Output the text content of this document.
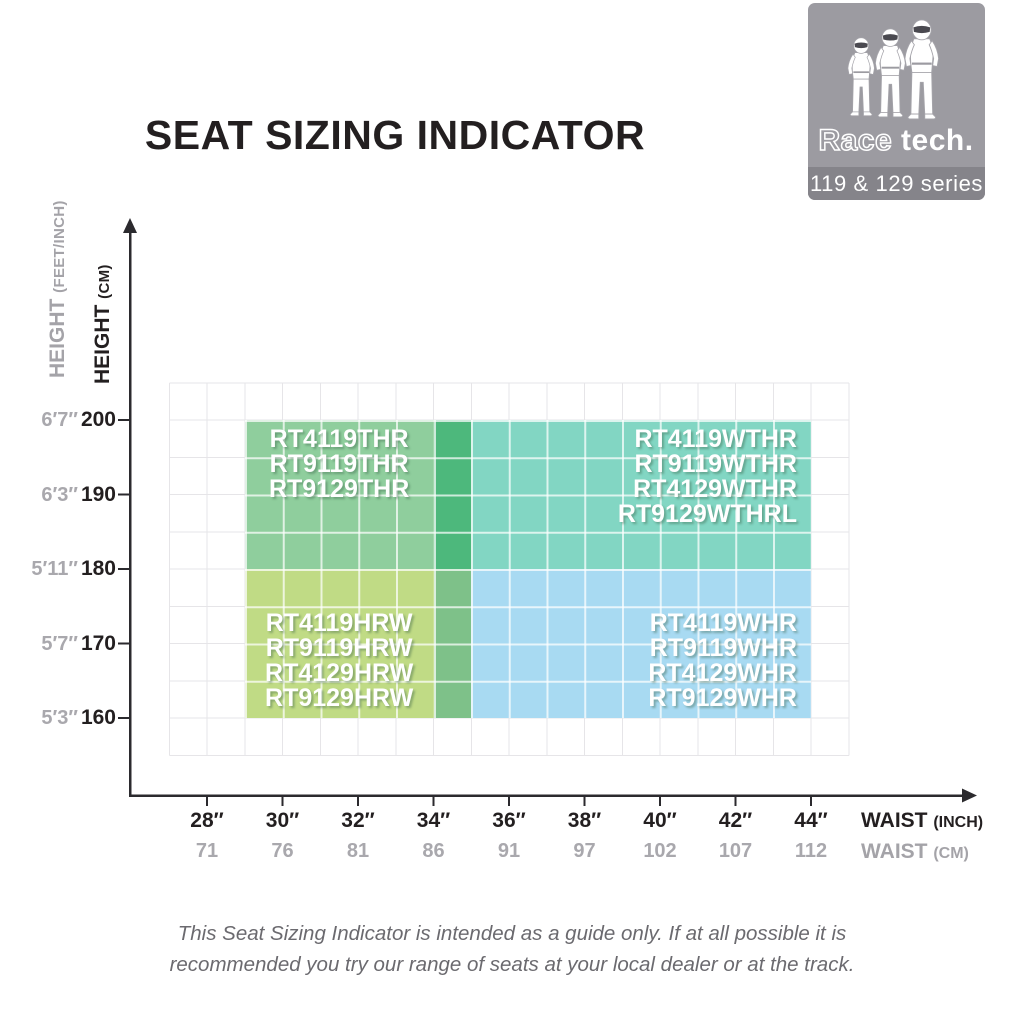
RT4119THR
RT9119THR
RT9129THR
RT4119WTHR
RT9119WTHR
RT4129WTHR
RT9129WTHRL
RT4119HRW
RT9119HRW
RT4129HRW
RT9129HRW
RT4119WHR
RT9119WHR
RT4129WHR
RT9129WHR
28″
71
30″
76
32″
81
34″
86
36″
91
38″
97
40″
102
42″
107
44″
112
6′7″ 200
6′3″ 190
5′11″ 180
5′7″ 170
5′3″ 160
SEAT SIZING INDICATOR	Race tech.
119 & 129 series
HEIGHT (FEET/INCH)
HEIGHT (CM)
WAIST (INCH)
WAIST (CM)
This Seat Sizing Indicator is intended as a guide only. If at all possible it is
recommended you try our range of seats at your local dealer or at the track.
